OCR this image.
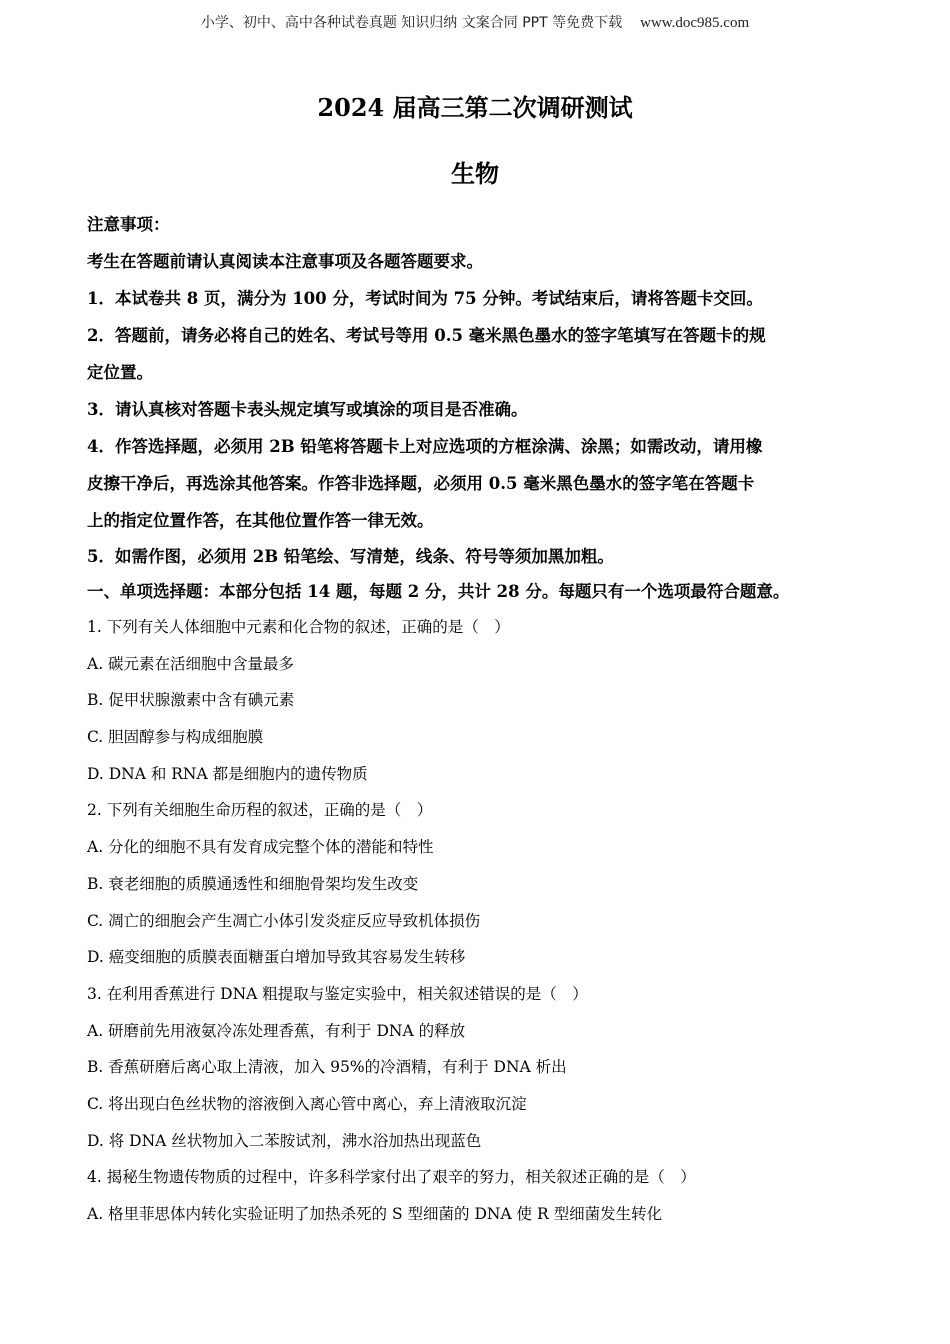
小学、初中、高中各种试卷真题 知识归纳 文案合同 PPT 等免费下载 www.doc985.com
2024 届高三第二次调研测试
生物
注意事项：
考生在答题前请认真阅读本注意事项及各题答题要求。
1．本试卷共 8 页，满分为 100 分，考试时间为 75 分钟。考试结束后，请将答题卡交回。
2．答题前，请务必将自己的姓名、考试号等用 0.5 毫米黑色墨水的签字笔填写在答题卡的规
定位置。
3．请认真核对答题卡表头规定填写或填涂的项目是否准确。
4．作答选择题，必须用 2B 铅笔将答题卡上对应选项的方框涂满、涂黑；如需改动，请用橡
皮擦干净后，再选涂其他答案。作答非选择题，必须用 0.5 毫米黑色墨水的签字笔在答题卡
上的指定位置作答，在其他位置作答一律无效。
5．如需作图，必须用 2B 铅笔绘、写清楚，线条、符号等须加黑加粗。
一、单项选择题：本部分包括 14 题，每题 2 分，共计 28 分。每题只有一个选项最符合题意。
1. 下列有关人体细胞中元素和化合物的叙述，正确的是（　）
A. 碳元素在活细胞中含量最多
B. 促甲状腺激素中含有碘元素
C. 胆固醇参与构成细胞膜
D. DNA 和 RNA 都是细胞内的遗传物质
2. 下列有关细胞生命历程的叙述，正确的是（　）
A. 分化的细胞不具有发育成完整个体的潜能和特性
B. 衰老细胞的质膜通透性和细胞骨架均发生改变
C. 凋亡的细胞会产生凋亡小体引发炎症反应导致机体损伤
D. 癌变细胞的质膜表面糖蛋白增加导致其容易发生转移
3. 在利用香蕉进行 DNA 粗提取与鉴定实验中，相关叙述错误的是（　）
A. 研磨前先用液氨冷冻处理香蕉，有利于 DNA 的释放
B. 香蕉研磨后离心取上清液，加入 95%的冷酒精，有利于 DNA 析出
C. 将出现白色丝状物的溶液倒入离心管中离心，弃上清液取沉淀
D. 将 DNA 丝状物加入二苯胺试剂，沸水浴加热出现蓝色
4. 揭秘生物遗传物质的过程中，许多科学家付出了艰辛的努力，相关叙述正确的是（　）
A. 格里菲思体内转化实验证明了加热杀死的 S 型细菌的 DNA 使 R 型细菌发生转化
